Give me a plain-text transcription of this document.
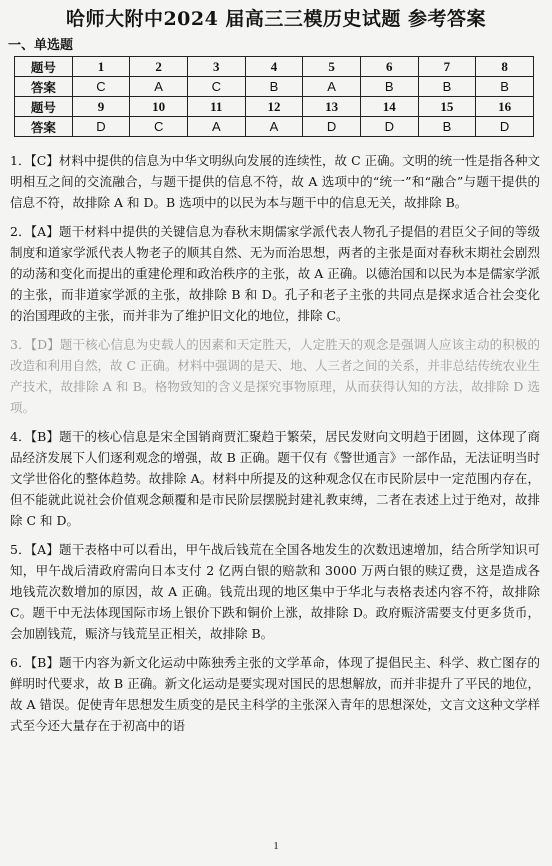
哈师大附中2024 届高三三模历史试题 参考答案
一、单选题
题号	1	2	3	4	5	6	7	8
答案	C	A	C	B	A	B	B	B
题号	9	10	11	12	13	14	15	16
答案	D	C	A	A	D	D	B	D

1．【C】材料中提供的信息为中华文明纵向发展的连续性，故 C 正确。文明的统一性是指各种文明相互之间的交流融合，与题干提供的信息不符，故 A 选项中的“统一”和“融合”与题干提供的信息不符，故排除 A 和 D。B 选项中的以民为本与题干中的信息无关，故排除 B。

2．【A】题干材料中提供的关键信息为春秋末期儒家学派代表人物孔子提倡的君臣父子间的等级制度和道家学派代表人物老子的顺其自然、无为而治思想，两者的主张是面对春秋末期社会剧烈的动荡和变化而提出的重建伦理和政治秩序的主张，故 A 正确。以德治国和以民为本是儒家学派的主张，而非道家学派的主张，故排除 B 和 D。孔子和老子主张的共同点是探求适合社会变化的治国理政的主张，而并非为了维护旧文化的地位，排除 C。

3．【D】题干核心信息为史载人的因素和天定胜天，人定胜天的观念是强调人应该主动的积极的改造和利用自然，故 C 正确。材料中强调的是天、地、人三者之间的关系，并非总结传统农业生产技术，故排除 A 和 B。格物致知的含义是探究事物原理，从而获得认知的方法，故排除 D 选项。

4．【B】题干的核心信息是宋全国销商贾汇聚趋于繁荣，居民发财向文明趋于团圆，这体现了商品经济发展下人们逐利观念的增强，故 B 正确。题干仅有《警世通言》一部作品，无法证明当时文学世俗化的整体趋势。故排除 A。材料中所提及的这种观念仅在市民阶层中一定范围内存在，但不能就此说社会价值观念颠覆和是市民阶层摆脱封建礼教束缚，二者在表述上过于绝对，故排除 C 和 D。

5．【A】题干表格中可以看出，甲午战后钱荒在全国各地发生的次数迅速增加，结合所学知识可知，甲午战后清政府需向日本支付 2 亿两白银的赔款和 3000 万两白银的赎辽费，这是造成各地钱荒次数增加的原因，故 A 正确。钱荒出现的地区集中于华北与表格表述内容不符，故排除 C。题干中无法体现国际市场上银价下跌和铜价上涨，故排除 D。政府赈济需要支付更多货币，会加剧钱荒，赈济与钱荒呈正相关，故排除 B。

6．【B】题干内容为新文化运动中陈独秀主张的文学革命，体现了提倡民主、科学、救亡图存的鲜明时代要求，故 B 正确。新文化运动是要实现对国民的思想解放，而并非提升了平民的地位，故 A 错误。促使青年思想发生质变的是民主科学的主张深入青年的思想深处，文言文这种文学样式至今还大量存在于初高中的语

1
